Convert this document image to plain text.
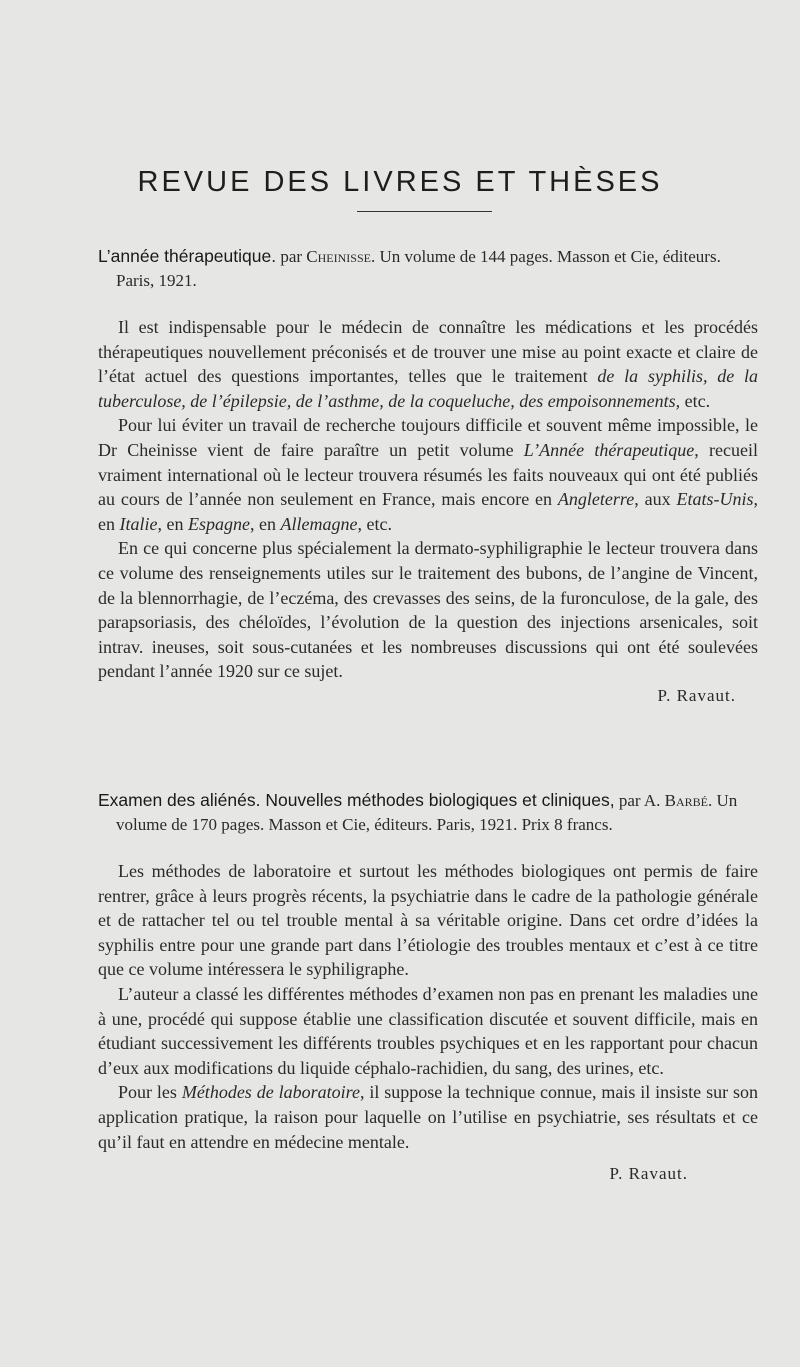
REVUE DES LIVRES ET THÈSES

L’année thérapeutique. par Cheinisse. Un volume de 144 pages. Masson et Cie, éditeurs. Paris, 1921.

Il est indispensable pour le médecin de connaître les médications et les procédés thérapeutiques nouvellement préconisés et de trouver une mise au point exacte et claire de l’état actuel des questions importantes, telles que le traitement de la syphilis, de la tuberculose, de l’épilepsie, de l’asthme, de la coqueluche, des empoisonnements, etc.

Pour lui éviter un travail de recherche toujours difficile et souvent même impossible, le Dr Cheinisse vient de faire paraître un petit volume L’Année thérapeutique, recueil vraiment international où le lecteur trouvera résumés les faits nouveaux qui ont été publiés au cours de l’année non seulement en France, mais encore en Angleterre, aux Etats-Unis, en Italie, en Espagne, en Allemagne, etc.

En ce qui concerne plus spécialement la dermato-syphiligraphie le lecteur trouvera dans ce volume des renseignements utiles sur le traitement des bubons, de l’angine de Vincent, de la blennorrhagie, de l’eczéma, des crevasses des seins, de la furonculose, de la gale, des parapsoriasis, des chéloïdes, l’évolution de la question des injections arsenicales, soit intrav. ineuses, soit sous-cutanées et les nombreuses discussions qui ont été soulevées pendant l’année 1920 sur ce sujet.

P. Ravaut.

Examen des aliénés. Nouvelles méthodes biologiques et cliniques, par A. Barbé. Un volume de 170 pages. Masson et Cie, éditeurs. Paris, 1921. Prix 8 francs.

Les méthodes de laboratoire et surtout les méthodes biologiques ont permis de faire rentrer, grâce à leurs progrès récents, la psychiatrie dans le cadre de la pathologie générale et de rattacher tel ou tel trouble mental à sa véritable origine. Dans cet ordre d’idées la syphilis entre pour une grande part dans l’étiologie des troubles mentaux et c’est à ce titre que ce volume intéressera le syphiligraphe.

L’auteur a classé les différentes méthodes d’examen non pas en prenant les maladies une à une, procédé qui suppose établie une classification discutée et souvent difficile, mais en étudiant successivement les différents troubles psychiques et en les rapportant pour chacun d’eux aux modifications du liquide céphalo-rachidien, du sang, des urines, etc.

Pour les Méthodes de laboratoire, il suppose la technique connue, mais il insiste sur son application pratique, la raison pour laquelle on l’utilise en psychiatrie, ses résultats et ce qu’il faut en attendre en médecine mentale.

P. Ravaut.
